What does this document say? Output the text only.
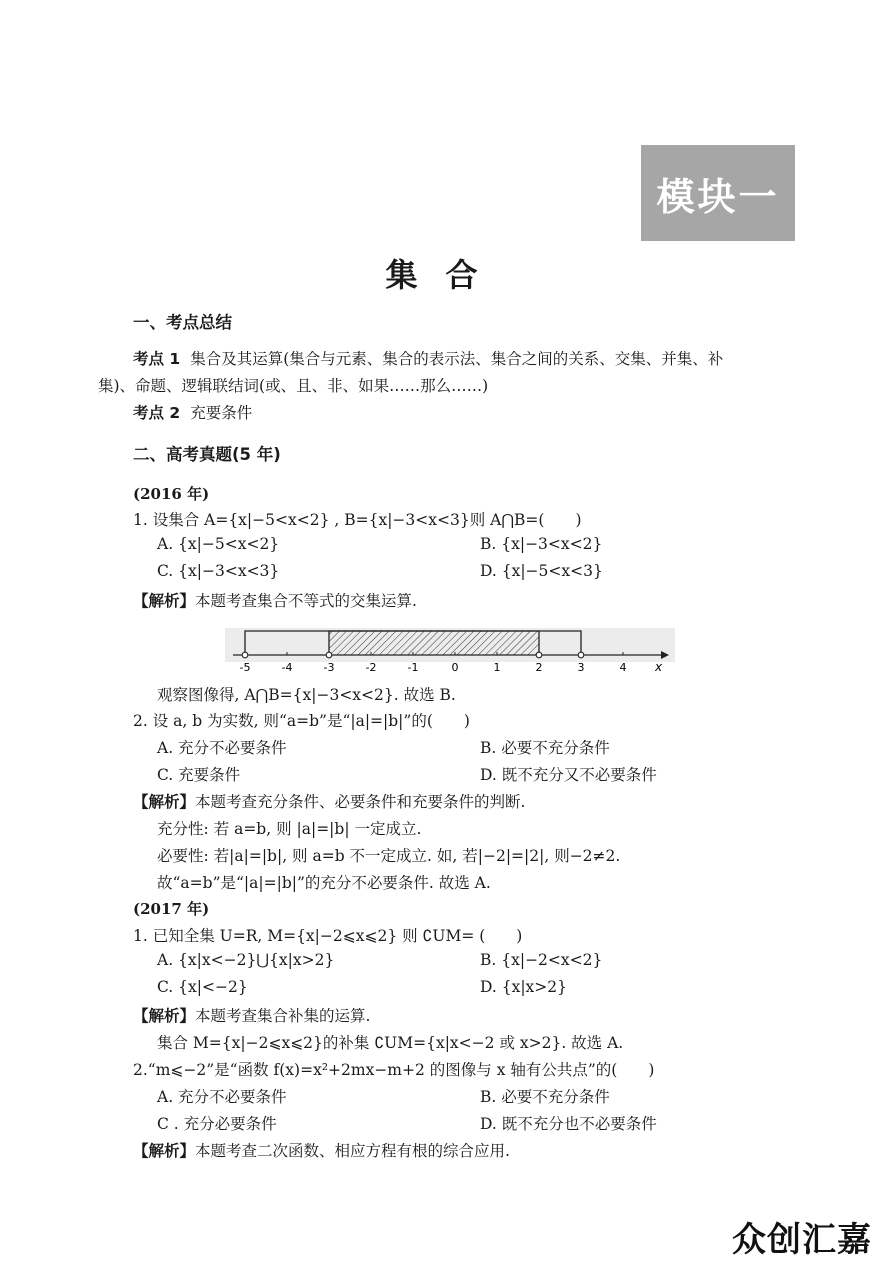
模块一
集合
一、考点总结
考点 1 集合及其运算(集合与元素、集合的表示法、集合之间的关系、交集、并集、补
集)、命题、逻辑联结词(或、且、非、如果……那么……)
考点 2 充要条件
二、高考真题(5 年)
(2016 年)
1. 设集合 A={x|−5<x<2} , B={x|−3<x<3}则 A⋂B=(　　)
A. {x|−5<x<2}	B. {x|−3<x<2}
C. {x|−3<x<3}	D. {x|−5<x<3}
【解析】本题考查集合不等式的交集运算.
-5	-4	-3	-2	-1	0	1	2	3	4 x
观察图像得, A⋂B={x|−3<x<2}. 故选 B.
2. 设 a, b 为实数, 则“a=b”是“|a|=|b|”的(　　)
A. 充分不必要条件	B. 必要不充分条件
C. 充要条件	D. 既不充分又不必要条件
【解析】本题考查充分条件、必要条件和充要条件的判断.
充分性: 若 a=b, 则 |a|=|b| 一定成立.
必要性: 若|a|=|b|, 则 a=b 不一定成立. 如, 若|−2|=|2|, 则−2≠2.
故“a=b”是“|a|=|b|”的充分不必要条件. 故选 A.
(2017 年)
1. 已知全集 U=R, M={x|−2⩽x⩽2} 则 ∁UM= (　　)
A. {x|x<−2}⋃{x|x>2}	B. {x|−2<x<2}
C. {x|<−2}	D. {x|x>2}
【解析】本题考查集合补集的运算.
集合 M={x|−2⩽x⩽2}的补集 ∁UM={x|x<−2 或 x>2}. 故选 A.
2.“m⩽−2”是“函数 f(x)=x²+2mx−m+2 的图像与 x 轴有公共点”的(　　)
A. 充分不必要条件	B. 必要不充分条件
C . 充分必要条件	D. 既不充分也不必要条件
【解析】本题考查二次函数、相应方程有根的综合应用.
众创汇嘉
